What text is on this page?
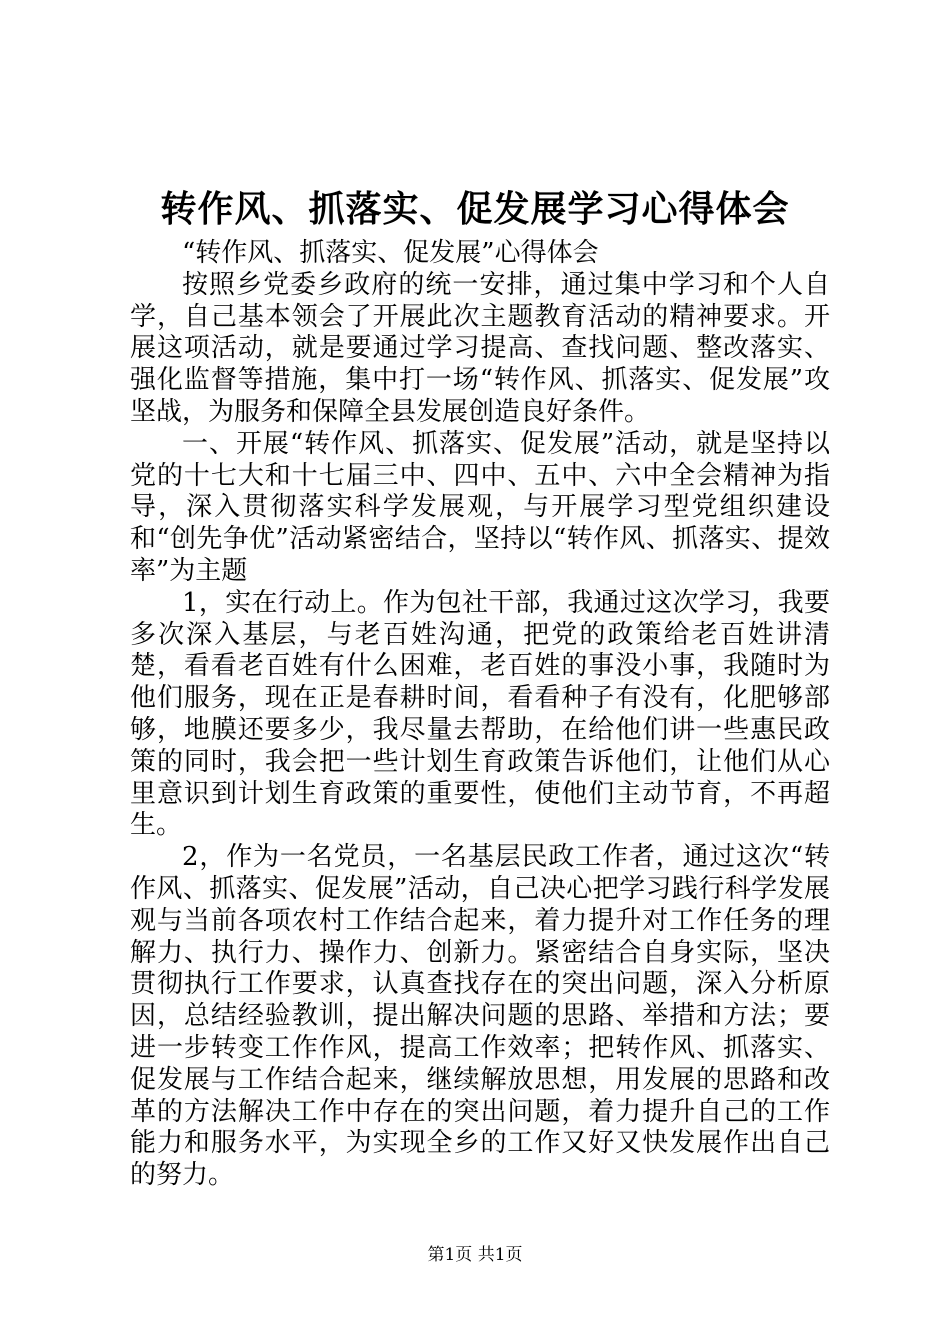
转作风、抓落实、促发展学习心得体会

“转作风、抓落实、促发展”心得体会

按照乡党委乡政府的统一安排，通过集中学习和个人自学，自己基本领会了开展此次主题教育活动的精神要求。开展这项活动，就是要通过学习提高、查找问题、整改落实、强化监督等措施，集中打一场“转作风、抓落实、促发展”攻坚战，为服务和保障全县发展创造良好条件。

一、开展“转作风、抓落实、促发展”活动，就是坚持以党的十七大和十七届三中、四中、五中、六中全会精神为指导，深入贯彻落实科学发展观，与开展学习型党组织建设和“创先争优”活动紧密结合，坚持以“转作风、抓落实、提效率”为主题

1，实在行动上。作为包社干部，我通过这次学习，我要多次深入基层，与老百姓沟通，把党的政策给老百姓讲清楚，看看老百姓有什么困难，老百姓的事没小事，我随时为他们服务，现在正是春耕时间，看看种子有没有，化肥够部够，地膜还要多少，我尽量去帮助，在给他们讲一些惠民政策的同时，我会把一些计划生育政策告诉他们，让他们从心里意识到计划生育政策的重要性，使他们主动节育，不再超生。

2，作为一名党员，一名基层民政工作者，通过这次“转作风、抓落实、促发展”活动，自己决心把学习践行科学发展观与当前各项农村工作结合起来，着力提升对工作任务的理解力、执行力、操作力、创新力。紧密结合自身实际，坚决贯彻执行工作要求，认真查找存在的突出问题，深入分析原因，总结经验教训，提出解决问题的思路、举措和方法；要进一步转变工作作风，提高工作效率；把转作风、抓落实、促发展与工作结合起来，继续解放思想，用发展的思路和改革的方法解决工作中存在的突出问题，着力提升自己的工作能力和服务水平，为实现全乡的工作又好又快发展作出自己的努力。

第1页 共1页
